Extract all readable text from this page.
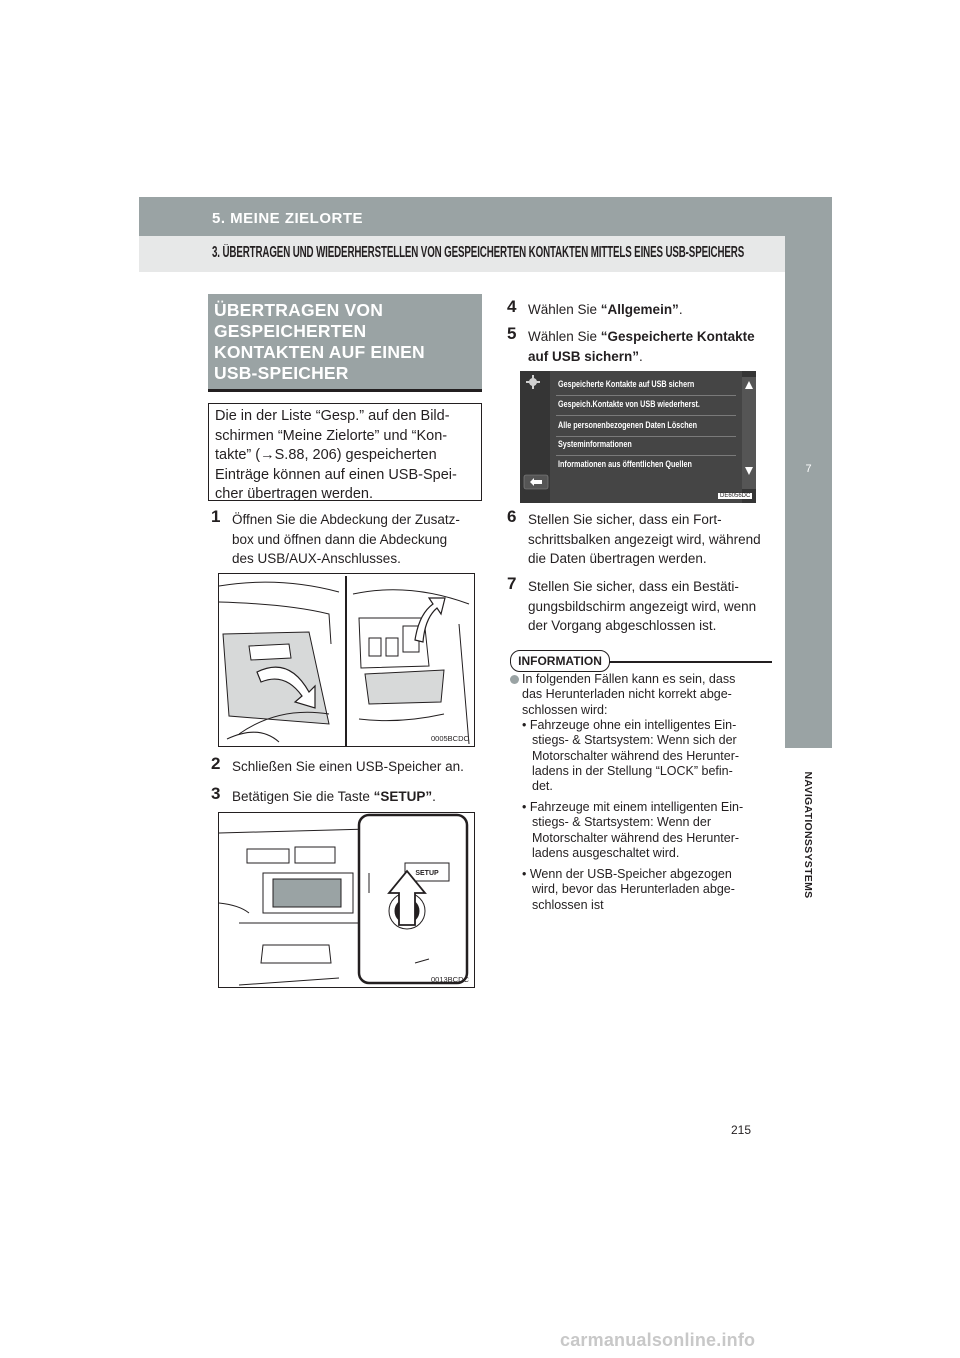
5. MEINE ZIELORTE
3. ÜBERTRAGEN UND WIEDERHERSTELLEN VON GESPEICHERTEN KONTAKTEN MITTELS EINES USB-SPEICHERS
7
NAVIGATIONSSYSTEMS
ÜBERTRAGEN VON
GESPEICHERTEN
KONTAKTEN AUF EINEN
USB-SPEICHER
Die in der Liste “Gesp.” auf den Bild-
schirmen “Meine Zielorte” und “Kon-
takte” (→S.88, 206) gespeicherten
Einträge können auf einen USB-Spei-
cher übertragen werden.
1 Öffnen Sie die Abdeckung der Zusatz-
box und öffnen dann die Abdeckung
des USB/AUX-Anschlusses.
0005BCDC
2 Schließen Sie einen USB-Speicher an.
3 Betätigen Sie die Taste “SETUP”.
SETUP
0013BCDC
4 Wählen Sie “Allgemein”.
5 Wählen Sie “Gespeicherte Kontakte
auf USB sichern”.
Gespeicherte Kontakte auf USB sichern
Gespeich.Kontakte von USB wiederherst.
Alle personenbezogenen Daten Löschen
Systeminformationen
Informationen aus öffentlichen Quellen
DE6056DC
6 Stellen Sie sicher, dass ein Fort-
schrittsbalken angezeigt wird, während
die Daten übertragen werden.
7 Stellen Sie sicher, dass ein Bestäti-
gungsbildschirm angezeigt wird, wenn
der Vorgang abgeschlossen ist.
INFORMATION
In folgenden Fällen kann es sein, dass
das Herunterladen nicht korrekt abge-
schlossen wird:
• Fahrzeuge ohne ein intelligentes Ein-
stiegs- & Startsystem: Wenn sich der
Motorschalter während des Herunter-
ladens in der Stellung “LOCK” befin-
det.
• Fahrzeuge mit einem intelligenten Ein-
stiegs- & Startsystem: Wenn der
Motorschalter während des Herunter-
ladens ausgeschaltet wird.
• Wenn der USB-Speicher abgezogen
wird, bevor das Herunterladen abge-
schlossen ist
215
carmanualsonline.info
